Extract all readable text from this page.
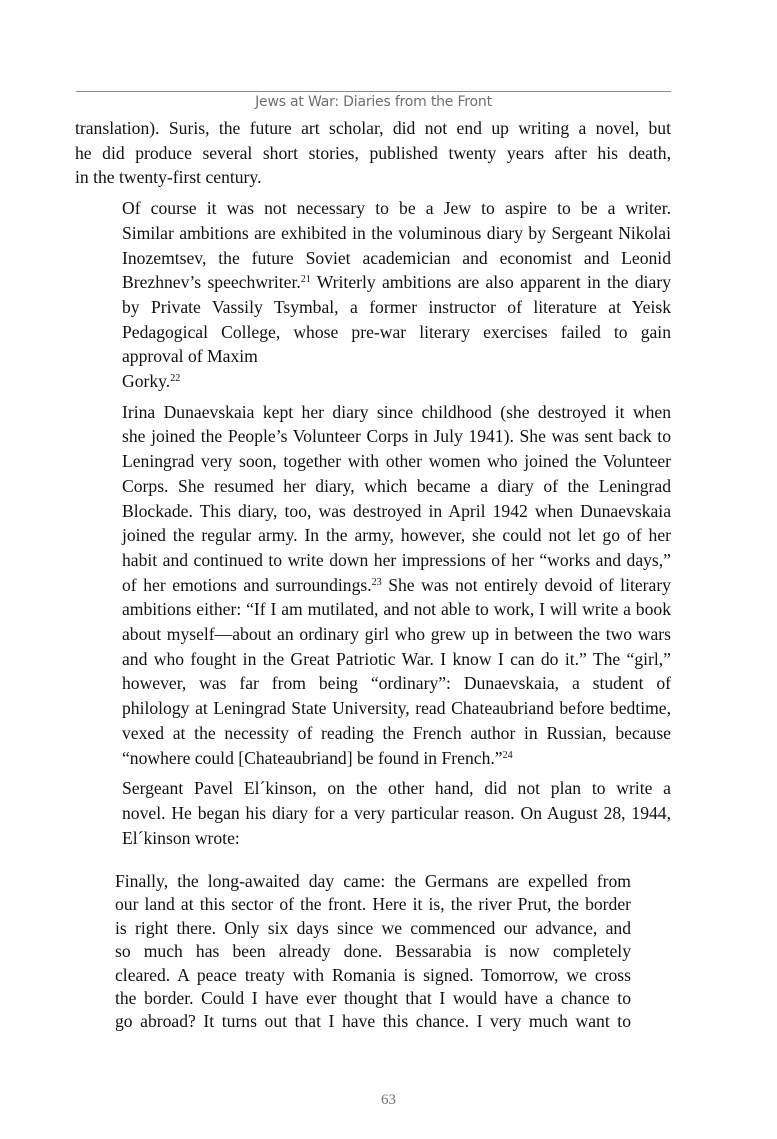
Jews at War: Diaries from the Front

translation). Suris, the future art scholar, did not end up writing a novel, but
he did produce several short stories, published twenty years after his death,
in the twenty-first century.

Of course it was not necessary to be a Jew to aspire to be a writer.
Similar ambitions are exhibited in the voluminous diary by Sergeant Nikolai
Inozemtsev, the future Soviet academician and economist and Leonid
Brezhnev’s speechwriter.$^{21}$ Writerly ambitions are also apparent in the diary
by Private Vassily Tsymbal, a former instructor of literature at Yeisk
Pedagogical College, whose pre-war literary exercises failed to gain
approval of Maxim
Gorky.$^{22}$

Irina Dunaevskaia kept her diary since childhood (she destroyed it when
she joined the People’s Volunteer Corps in July 1941). She was sent back to
Leningrad very soon, together with other women who joined the Volunteer
Corps. She resumed her diary, which became a diary of the Leningrad
Blockade. This diary, too, was destroyed in April 1942 when Dunaevskaia
joined the regular army. In the army, however, she could not let go of her
habit and continued to write down her impressions of her “works and days,”
of her emotions and surroundings.$^{23}$ She was not entirely devoid of literary
ambitions either: “If I am mutilated, and not able to work, I will write a book
about myself—about an ordinary girl who grew up in between the two wars
and who fought in the Great Patriotic War. I know I can do it.” The “girl,”
however, was far from being “ordinary”: Dunaevskaia, a student of
philology at Leningrad State University, read Chateaubriand before bedtime,
vexed at the necessity of reading the French author in Russian, because
“nowhere could [Chateaubriand] be found in French.”$^{24}$

Sergeant Pavel El´kinson, on the other hand, did not plan to write a
novel. He began his diary for a very particular reason. On August 28, 1944,
El´kinson wrote:

Finally, the long-awaited day came: the Germans are expelled from
our land at this sector of the front. Here it is, the river Prut, the border
is right there. Only six days since we commenced our advance, and
so much has been already done. Bessarabia is now completely
cleared. A peace treaty with Romania is signed. Tomorrow, we cross
the border. Could I have ever thought that I would have a chance to
go abroad? It turns out that I have this chance. I very much want to
63
